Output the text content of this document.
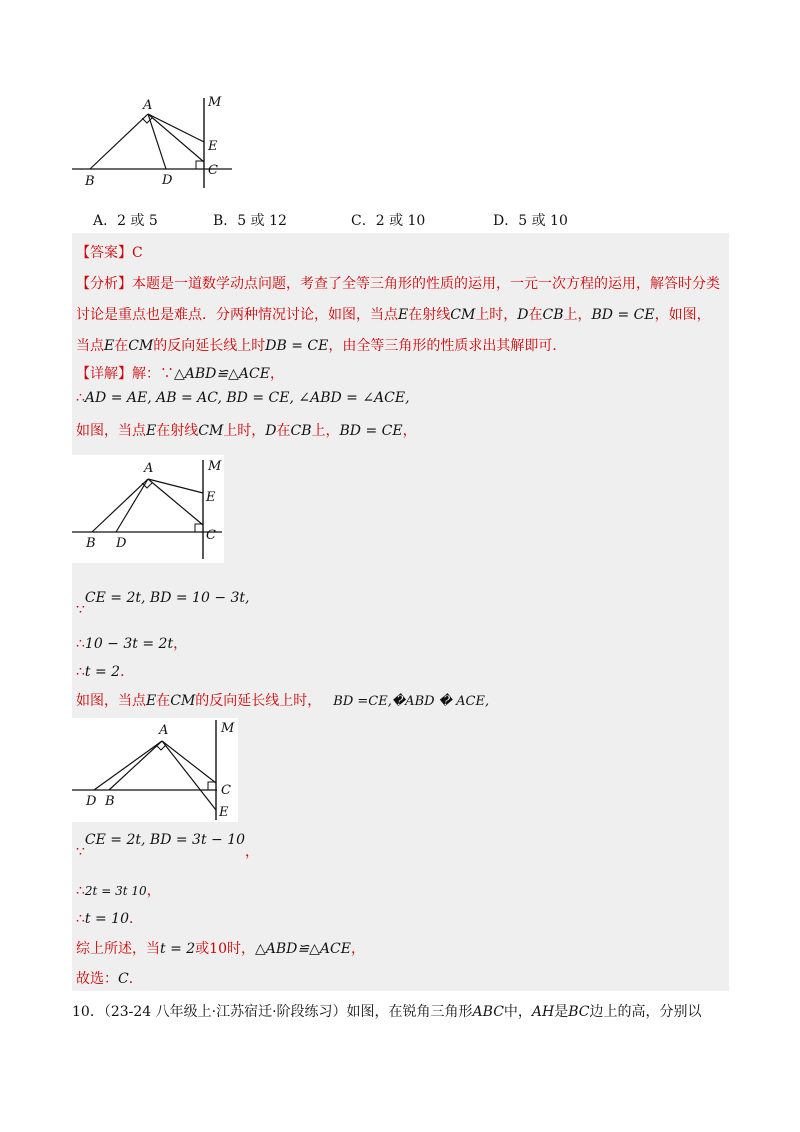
A	M
E
C
B	D
A．2 或 5	B．5 或 12	C．2 或 10	D．5 或 10
【答案】C
【分析】本题是一道数学动点问题，考查了全等三角形的性质的运用，一元一次方程的运用，解答时分类
讨论是重点也是难点．分两种情况讨论，如图，当点E在射线CM上时，D在CB上，BD = CE，如图，
当点E在CM的反向延长线上时DB = CE，由全等三角形的性质求出其解即可．
【详解】解：∵△ABD≌△ACE，
∴AD = AE, AB = AC, BD = CE, ∠ABD = ∠ACE,
如图，当点E在射线CM上时，D在CB上，BD = CE，
∵CE = 2t, BD = 10 − 3t,
∴10 − 3t = 2t，
∴t = 2．
如图，当点E在CM的反向延长线上时， BD =CE,�ABD � ACE,
∵CE = 2t, BD = 3t − 10，
∴2t = 3t 10，
∴t = 10．
综上所述，当t = 2或10时，△ABD≌△ACE，
故选：C．
A	M
E
C
B D
A	M
C
E
D B
10．（23-24 八年级上·江苏宿迁·阶段练习）如图，在锐角三角形ABC中，AH是BC边上的高，分别以
